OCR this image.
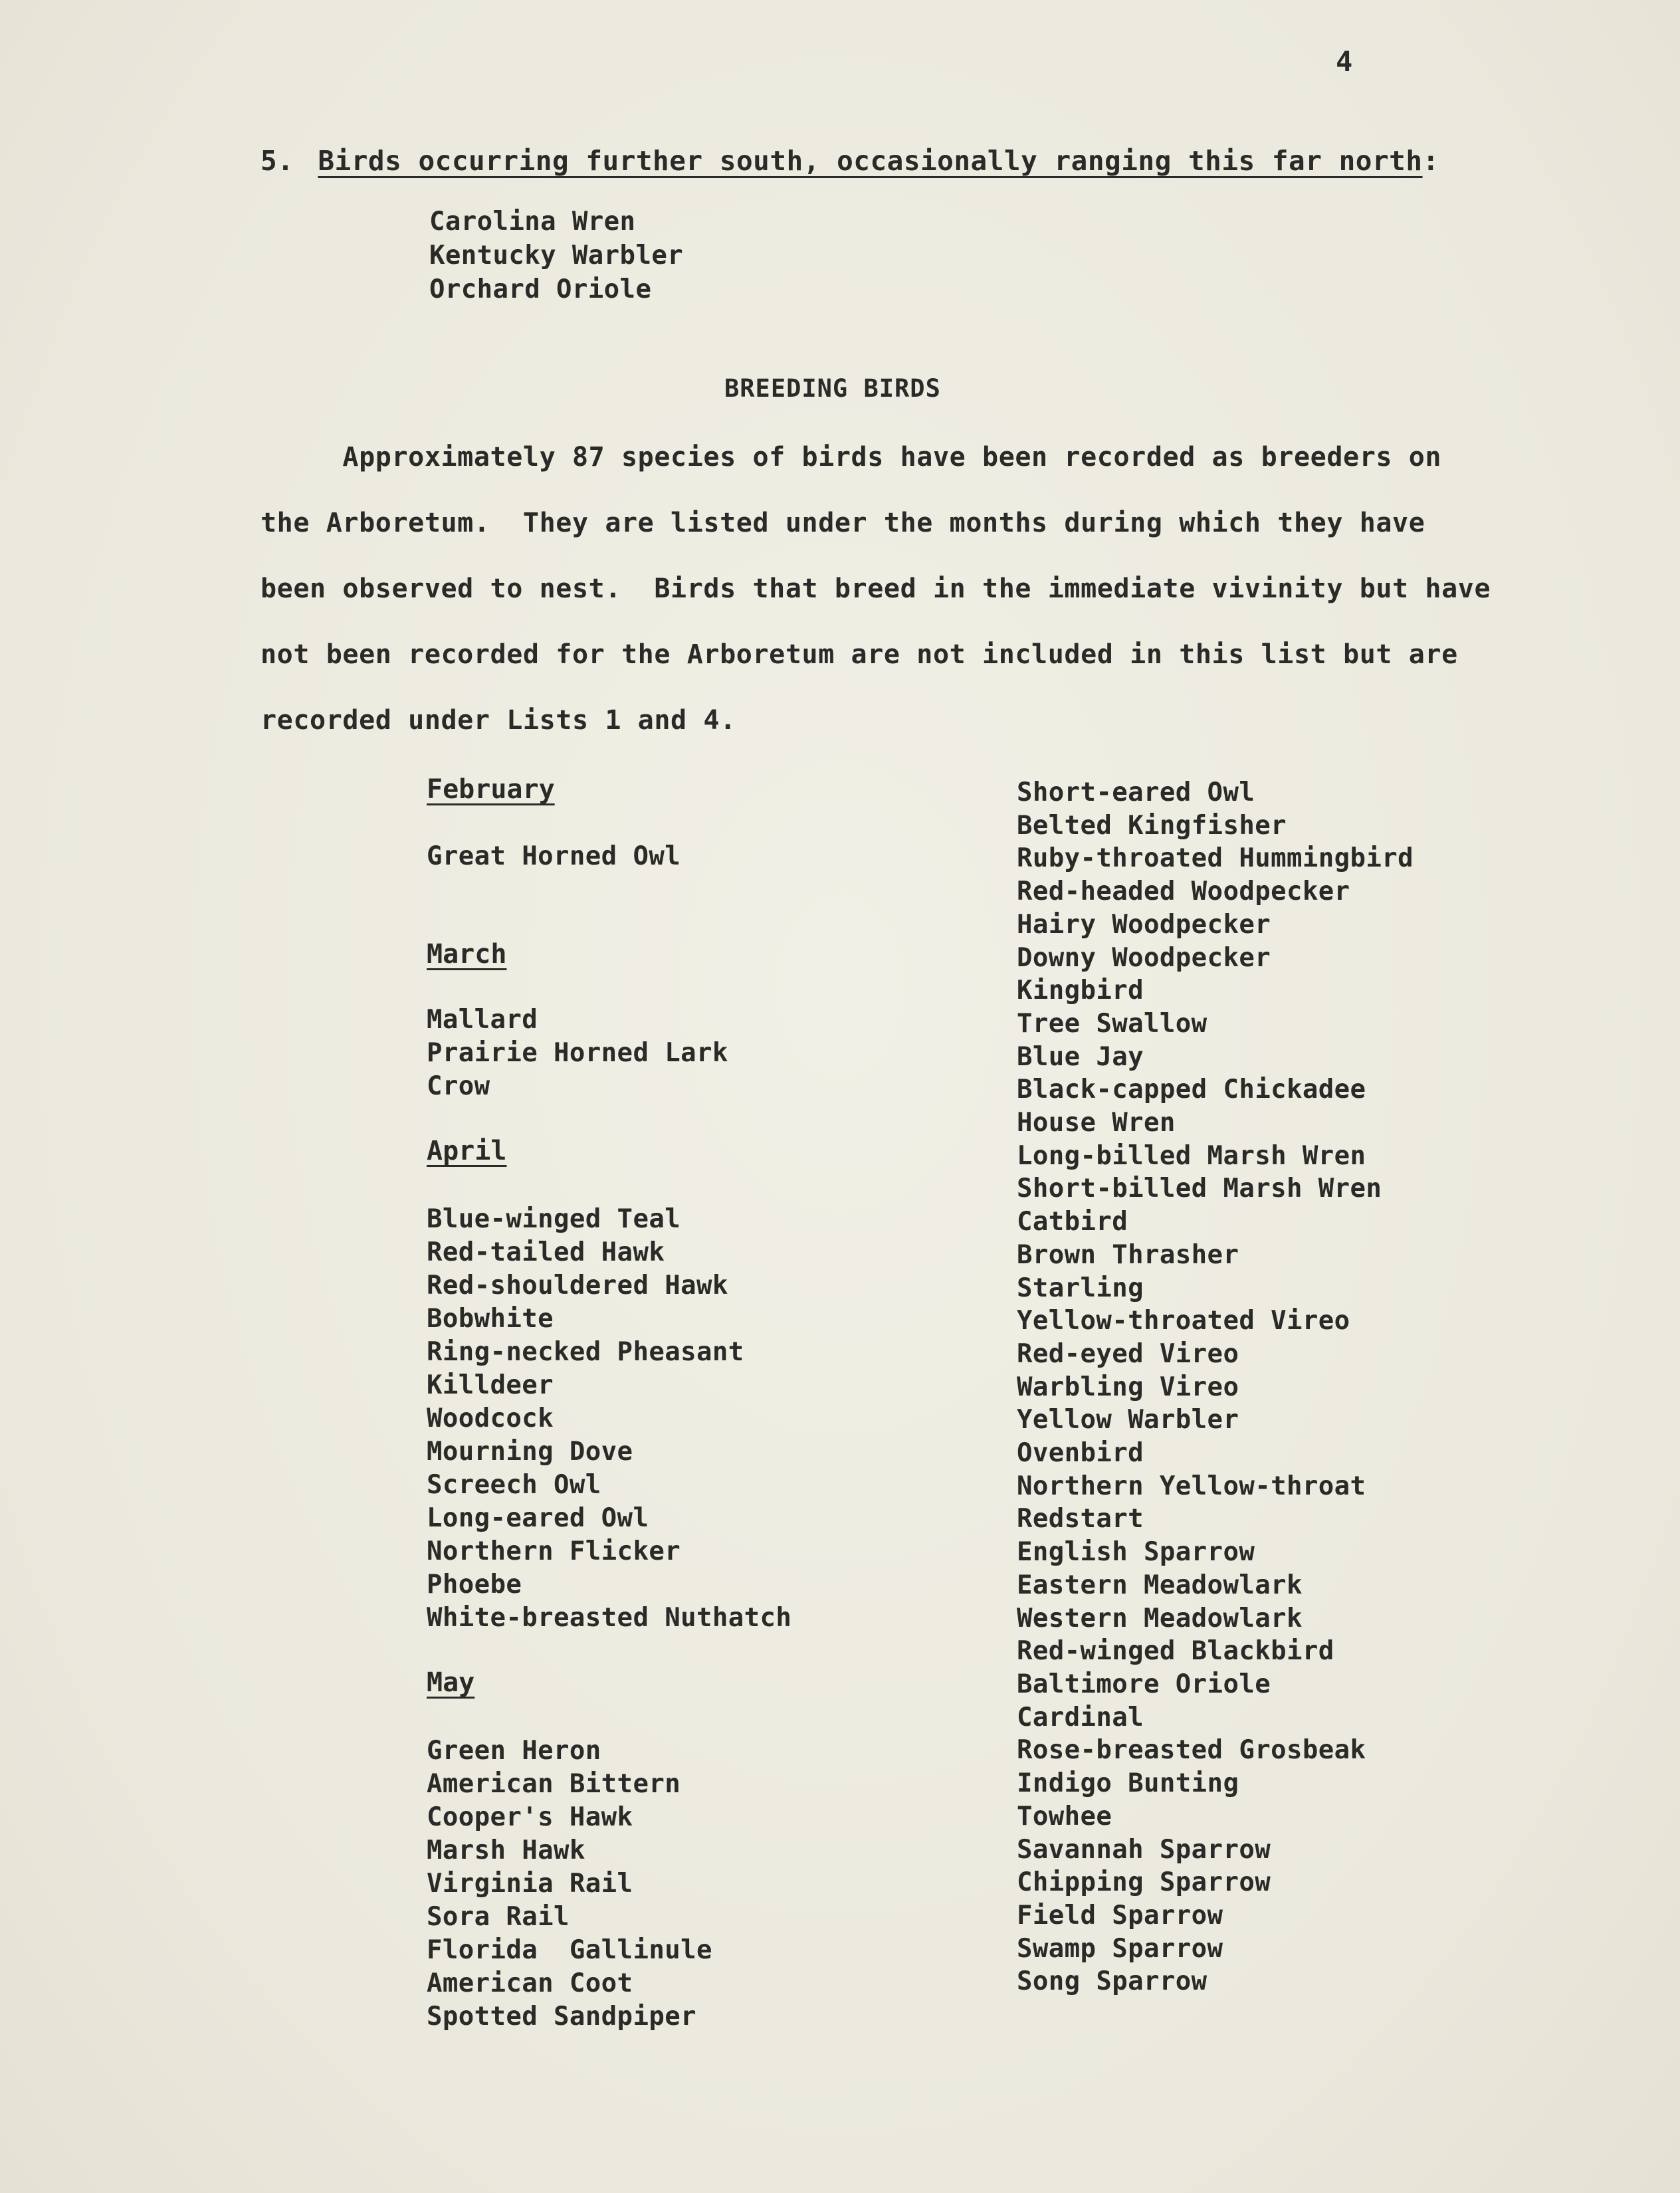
4
5. Birds occurring further south, occasionally ranging this far north:
Carolina Wren
Kentucky Warbler
Orchard Oriole
BREEDING BIRDS
Approximately 87 species of birds have been recorded as breeders on
the Arboretum.  They are listed under the months during which they have
been observed to nest.  Birds that breed in the immediate vivinity but have
not been recorded for the Arboretum are not included in this list but are
recorded under Lists 1 and 4.
February
Great Horned Owl
March
Mallard
Prairie Horned Lark
Crow
April
Blue-winged Teal
Red-tailed Hawk
Red-shouldered Hawk
Bobwhite
Ring-necked Pheasant
Killdeer
Woodcock
Mourning Dove
Screech Owl
Long-eared Owl
Northern Flicker
Phoebe
White-breasted Nuthatch
May
Green Heron
American Bittern
Cooper's Hawk
Marsh Hawk
Virginia Rail
Sora Rail
Florida  Gallinule
American Coot
Spotted Sandpiper
Short-eared Owl
Belted Kingfisher
Ruby-throated Hummingbird
Red-headed Woodpecker
Hairy Woodpecker
Downy Woodpecker
Kingbird
Tree Swallow
Blue Jay
Black-capped Chickadee
House Wren
Long-billed Marsh Wren
Short-billed Marsh Wren
Catbird
Brown Thrasher
Starling
Yellow-throated Vireo
Red-eyed Vireo
Warbling Vireo
Yellow Warbler
Ovenbird
Northern Yellow-throat
Redstart
English Sparrow
Eastern Meadowlark
Western Meadowlark
Red-winged Blackbird
Baltimore Oriole
Cardinal
Rose-breasted Grosbeak
Indigo Bunting
Towhee
Savannah Sparrow
Chipping Sparrow
Field Sparrow
Swamp Sparrow
Song Sparrow
